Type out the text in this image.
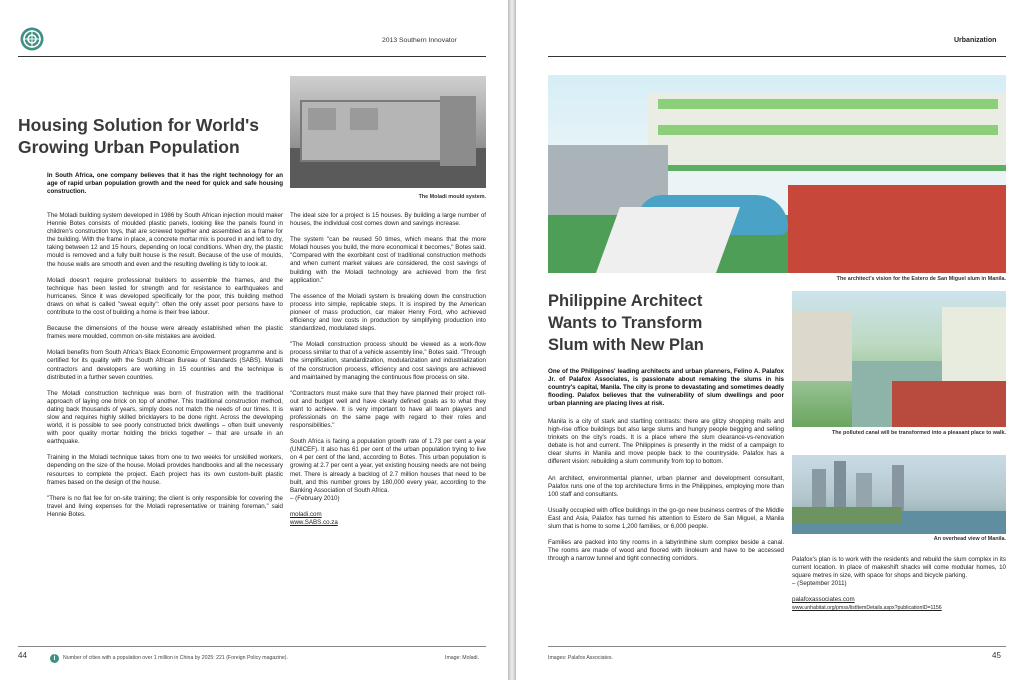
2013 Southern Innovator
The Moladi mould system.
Housing Solution for World's
Growing Urban Population
In South Africa, one company believes that it has the right technology for an age of rapid urban population growth and the need for quick and safe housing construction.

The Moladi building system developed in 1986 by South African injection mould maker Hennie Botes consists of moulded plastic panels, looking like the panels found in children's construction toys, that are screwed together and assembled as a frame for the building. With the frame in place, a concrete mortar mix is poured in and left to dry, taking between 12 and 15 hours, depending on local conditions. When dry, the plastic mould is removed and a fully built house is the result. Because of the use of moulds, the house walls are smooth and even and the resulting dwelling is tidy to look at.

Moladi doesn't require professional builders to assemble the frames, and the technique has been tested for strength and for resistance to earthquakes and hurricanes. Since it was developed specifically for the poor, this building method draws on what is called "sweat equity": often the only asset poor persons have to contribute to the cost of building a home is their free labour.

Because the dimensions of the house were already established when the plastic frames were moulded, common on-site mistakes are avoided.

Moladi benefits from South Africa's Black Economic Empowerment programme and is certified for its quality with the South African Bureau of Standards (SABS). Moladi contractors and developers are working in 15 countries and the technique is distributed in a further seven countries.

The Moladi construction technique was born of frustration with the traditional approach of laying one brick on top of another. This traditional construction method, dating back thousands of years, simply does not match the needs of our times. It is slow and requires highly skilled bricklayers to be done right. Across the developing world, it is possible to see poorly constructed brick dwellings – often built unevenly with poor quality mortar holding the bricks together – that are unsafe in an earthquake.

Training in the Moladi technique takes from one to two weeks for unskilled workers, depending on the size of the house. Moladi provides handbooks and all the necessary resources to complete the project. Each project has its own custom-built plastic frames based on the design of the house.

"There is no flat fee for on-site training; the client is only responsible for covering the travel and living expenses for the Moladi representative or training foreman," said Hennie Botes.

The ideal size for a project is 15 houses. By building a large number of houses, the individual cost comes down and savings increase.

The system "can be reused 50 times, which means that the more Moladi houses you build, the more economical it becomes," Botes said. "Compared with the exorbitant cost of traditional construction methods and when current market values are considered, the cost savings of building with the Moladi technology are achieved from the first application."

The essence of the Moladi system is breaking down the construction process into simple, replicable steps. It is inspired by the American pioneer of mass production, car maker Henry Ford, who achieved efficiency and low costs in production by simplifying production into standardized, modulated steps.

"The Moladi construction process should be viewed as a work-flow process similar to that of a vehicle assembly line," Botes said. "Through the simplification, standardization, modularization and industrialization of the construction process, efficiency and cost savings are achieved and maintained by managing the continuous flow process on site.

"Contractors must make sure that they have planned their project roll-out and budget well and have clearly defined goals as to what they want to achieve. It is very important to have all team players and professionals on the same page with regard to their roles and responsibilities."

South Africa is facing a population growth rate of 1.73 per cent a year (UNICEF). It also has 61 per cent of the urban population trying to live on 4 per cent of the land, according to Botes. This urban population is growing at 2.7 per cent a year, yet existing housing needs are not being met. There is already a backlog of 2.7 million houses that need to be built, and this number grows by 180,000 every year, according to the Banking Association of South Africa.

– (February 2010)

moladi.com
www.SABS.co.za
44	i	Number of cities with a population over 1 million in China by 2025: 221 (Foreign Policy magazine).	Image: Moladi.
Urbanization
The architect's vision for the Estero de San Miguel slum in Manila.
Philippine Architect
Wants to Transform
Slum with New Plan
The polluted canal will be transformed into a pleasant place to walk.
An overhead view of Manila.
One of the Philippines' leading architects and urban planners, Felino A. Palafox Jr. of Palafox Associates, is passionate about remaking the slums in his country's capital, Manila. The city is prone to devastating and sometimes deadly flooding. Palafox believes that the vulnerability of slum dwellings and poor urban planning are placing lives at risk.

Manila is a city of stark and startling contrasts: there are glitzy shopping malls and high-rise office buildings but also large slums and hungry people begging and selling trinkets on the city's roads. It is a place where the slum clearance-vs-renovation debate is hot and current. The Philippines is presently in the midst of a campaign to clear slums in Manila and move people back to the countryside. Palafox has a different vision: rebuilding a slum community from top to bottom.

An architect, environmental planner, urban planner and development consultant, Palafox runs one of the top architecture firms in the Philippines, employing more than 100 staff and consultants.

Usually occupied with office buildings in the go-go new business centres of the Middle East and Asia, Palafox has turned his attention to Estero de San Miguel, a Manila slum that is home to some 1,200 families, or 6,000 people.

Families are packed into tiny rooms in a labyrinthine slum complex beside a canal. The rooms are made of wood and floored with linoleum and have to be accessed through a narrow tunnel and tight connecting corridors.	Palafox's plan is to work with the residents and rebuild the slum complex in its current location. In place of makeshift shacks will come modular homes, 10 square metres in size, with space for shops and bicycle parking.

– (September 2011)

palafoxassociates.com
www.unhabitat.org/pmss/listItemDetails.aspx?publicationID=1156
Images: Palafox Associates.	45
